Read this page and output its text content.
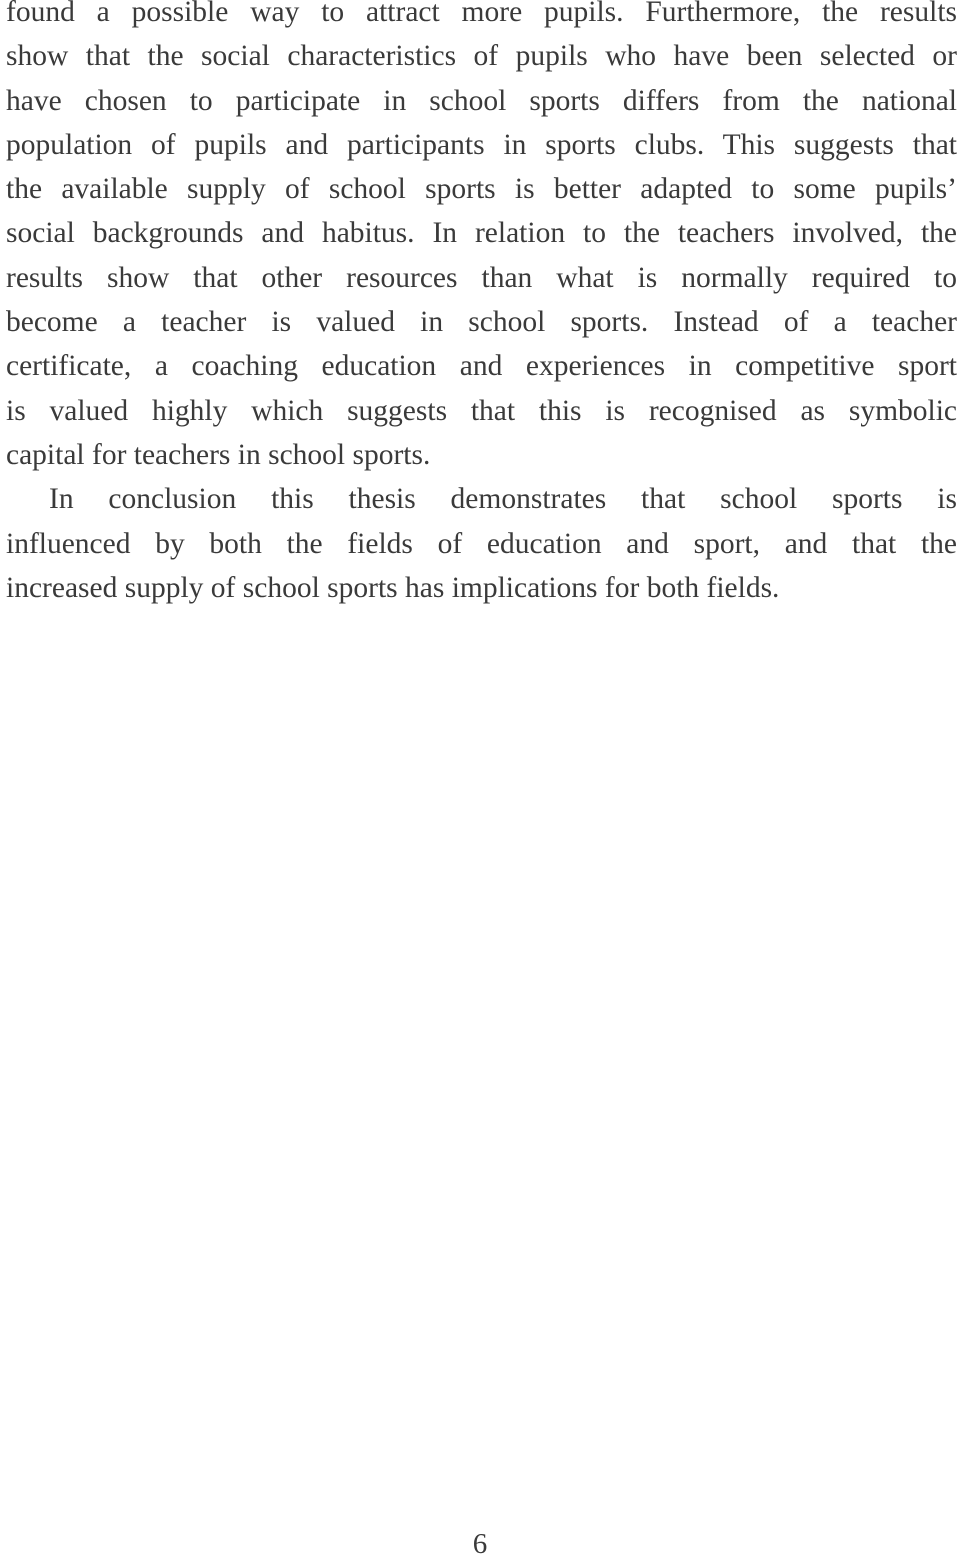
found a possible way to attract more pupils. Furthermore, the results
show that the social characteristics of pupils who have been selected or
have chosen to participate in school sports differs from the national
population of pupils and participants in sports clubs. This suggests that
the available supply of school sports is better adapted to some pupils’
social backgrounds and habitus. In relation to the teachers involved, the
results show that other resources than what is normally required to
become a teacher is valued in school sports. Instead of a teacher
certificate, a coaching education and experiences in competitive sport
is valued highly which suggests that this is recognised as symbolic
capital for teachers in school sports.
In conclusion this thesis demonstrates that school sports is
influenced by both the fields of education and sport, and that the
increased supply of school sports has implications for both fields.
6
